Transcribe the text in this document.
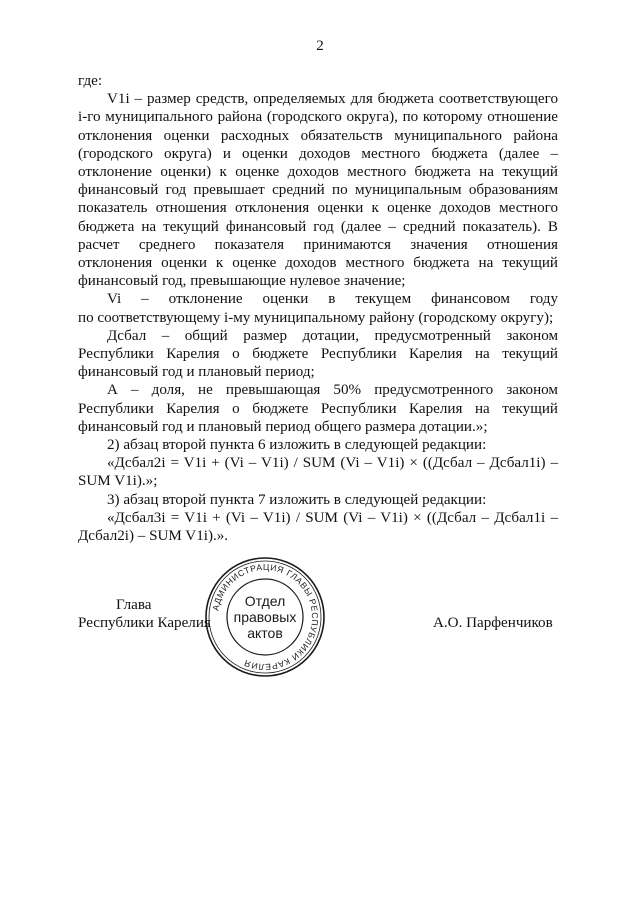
2

где:

V1i – размер средств, определяемых для бюджета соответствующего i-го муниципального района (городского округа), по которому отношение отклонения оценки расходных обязательств муниципального района (городского округа) и оценки доходов местного бюджета (далее – отклонение оценки) к оценке доходов местного бюджета на текущий финансовый год превышает средний по муниципальным образованиям показатель отношения отклонения оценки к оценке доходов местного бюджета на текущий финансовый год (далее – средний показатель). В расчет среднего показателя принимаются значения отношения отклонения оценки к оценке доходов местного бюджета на текущий финансовый год, превышающие нулевое значение;

Vi – отклонение оценки в текущем финансовом году

по соответствующему i-му муниципальному району (городскому округу);

Дсбал – общий размер дотации, предусмотренный законом Республики Карелия о бюджете Республики Карелия на текущий финансовый год и плановый период;

А – доля, не превышающая 50% предусмотренного законом Республики Карелия о бюджете Республики Карелия на текущий финансовый год и плановый период общего размера дотации.»;

2) абзац второй пункта 6 изложить в следующей редакции:

«Дсбал2i = V1i + (Vi – V1i) / SUM (Vi – V1i) × ((Дсбал – Дсбал1i) – SUM V1i).»;

3) абзац второй пункта 7 изложить в следующей редакции:

«Дсбал3i = V1i + (Vi – V1i) / SUM (Vi – V1i) × ((Дсбал – Дсбал1i – Дсбал2i) – SUM V1i).».

Глава
Республики Карелия	А.О. Парфенчиков
АДМИНИСТРАЦИЯ ГЛАВЫ РЕСПУБЛИКИ КАРЕЛИЯ
Отдел
правовых
актов
